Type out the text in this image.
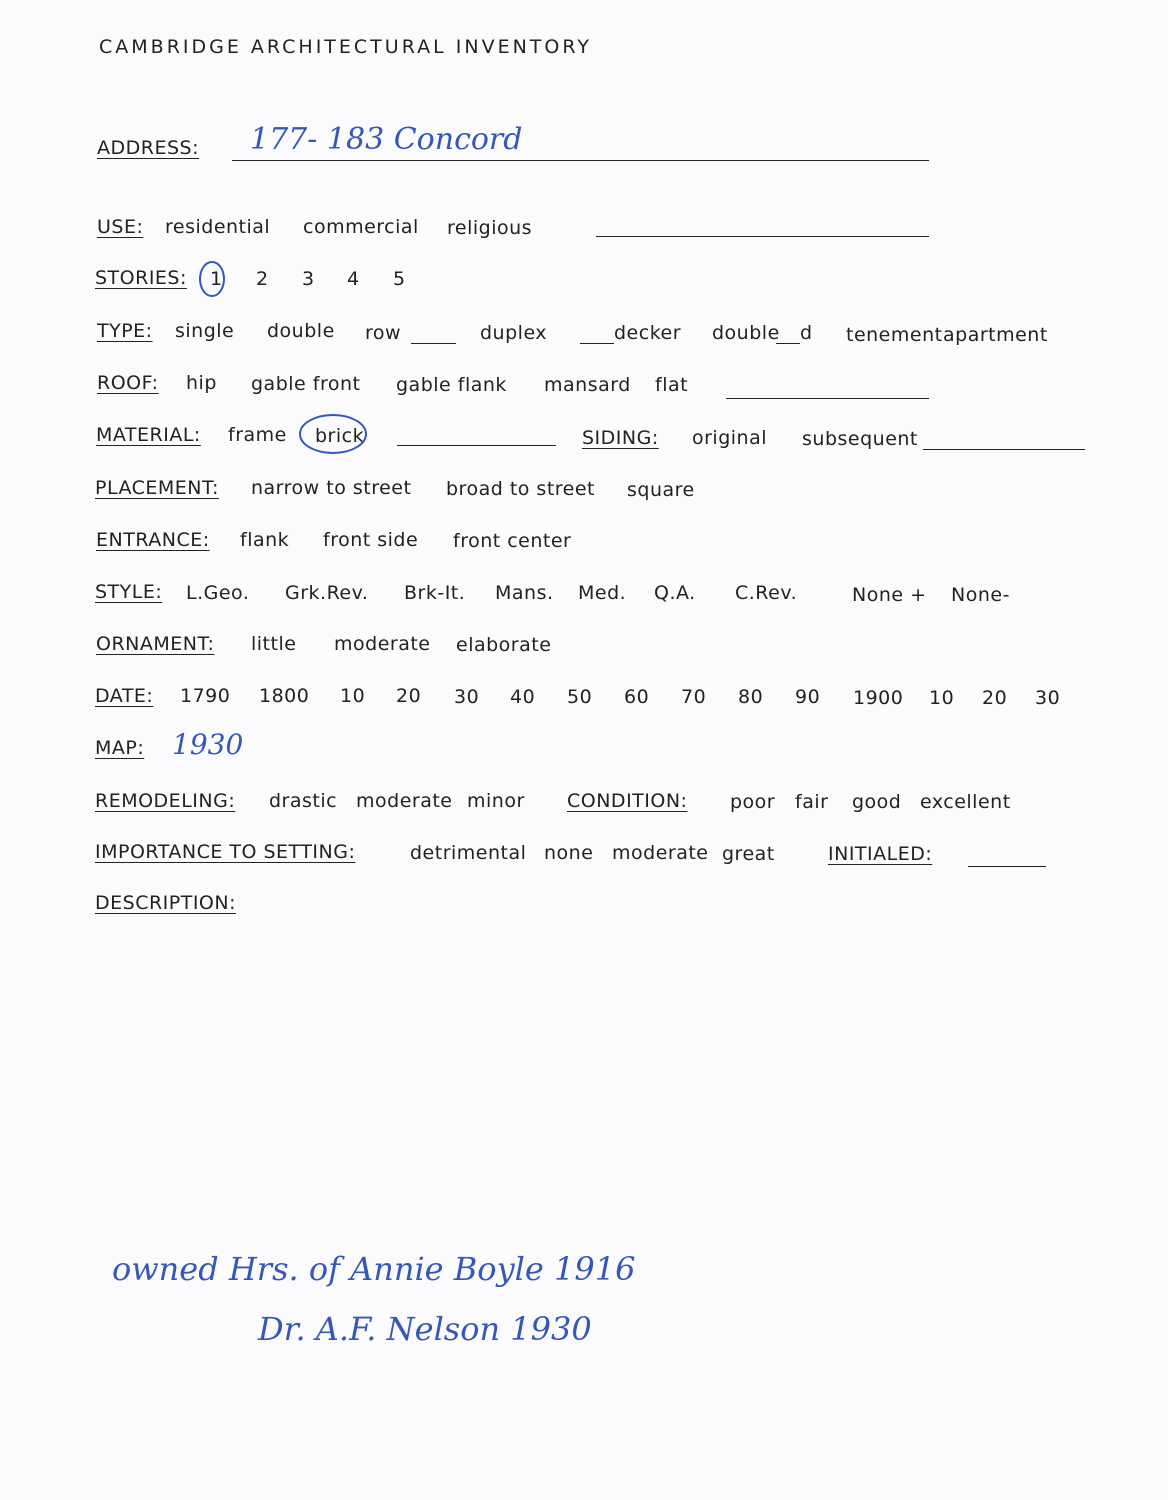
CAMBRIDGE ARCHITECTURAL INVENTORY
ADDRESS: 177- 183 Concord
USE: residential commercial religious
STORIES: 1 2 3 4 5
TYPE: single double row	duplex	decker double d tenement apartment
ROOF: hip gable front gable flank mansard flat
MATERIAL: frame brick	SIDING: original subsequent
PLACEMENT: narrow to street broad to street square
ENTRANCE: flank front side front center
STYLE: L.Geo. Grk.Rev. Brk-It. Mans. Med. Q.A. C.Rev.	None + None-
ORNAMENT: little moderate elaborate
DATE: 1790 1800 10 20 30 40 50 60 70 80 90 1900 10 20 30
MAP: 1930
REMODELING: drastic moderate minor CONDITION: poor fair good excellent
IMPORTANCE TO SETTING:	detrimental none moderate great	INITIALED:
DESCRIPTION:
owned Hrs. of Annie Boyle 1916
Dr. A.F. Nelson 1930
